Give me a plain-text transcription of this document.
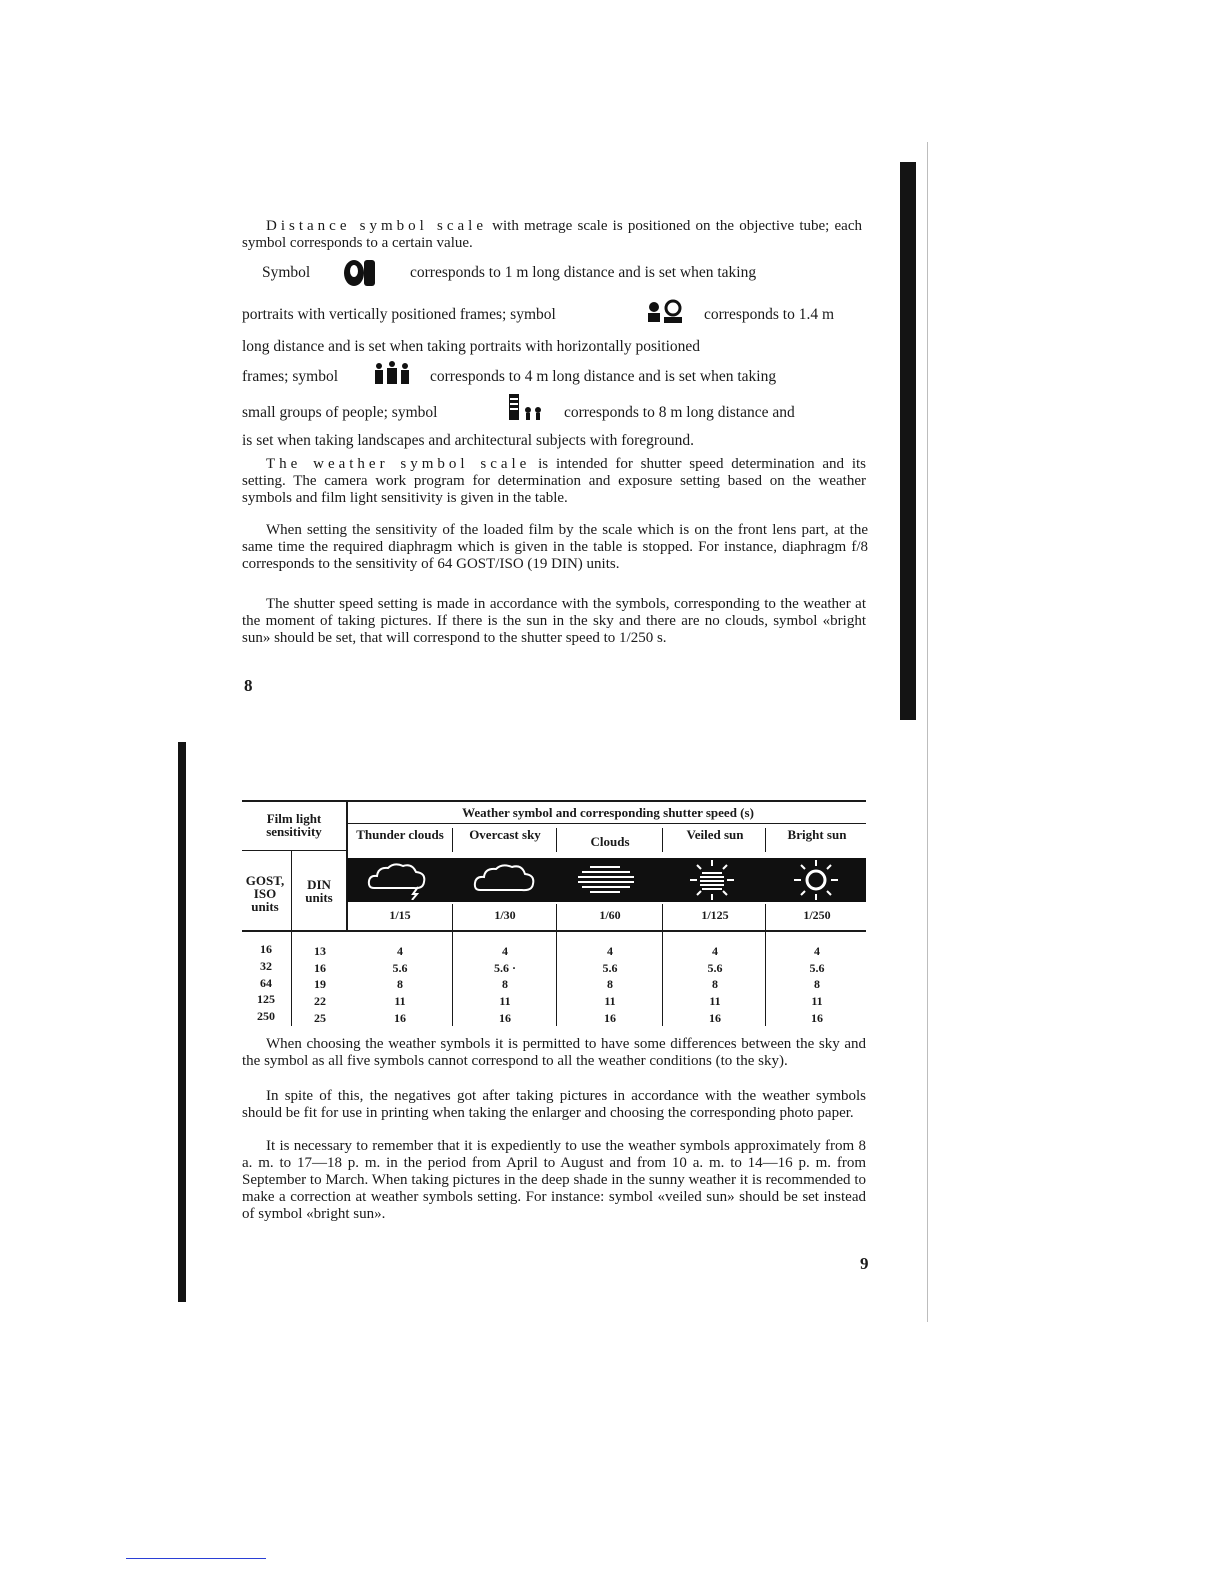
Distance symbol scale with metrage scale is positioned on the objective tube; each symbol corresponds to a certain value.

Symbol	corresponds to 1 m long distance and is set when taking
portraits with vertically positioned frames; symbol	corresponds to 1.4 m
long distance and is set when taking portraits with horizontally positioned
frames; symbol	corresponds to 4 m long distance and is set when taking
small groups of people; symbol	corresponds to 8 m long distance and
is set when taking landscapes and architectural subjects with foreground.

The weather symbol scale is intended for shutter speed determination and its setting. The camera work program for determination and exposure setting based on the weather symbols and film light sensitivity is given in the table.

When setting the sensitivity of the loaded film by the scale which is on the front lens part, at the same time the required diaphragm which is given in the table is stopped. For instance, diaphragm f/8 corresponds to the sensitivity of 64 GOST/ISO (19 DIN) units.

The shutter speed setting is made in accordance with the symbols, corresponding to the weather at the moment of taking pictures. If there is the sun in the sky and there are no clouds, symbol «bright sun» should be set, that will correspond to the shutter speed to 1/250 s.

8
Film light sensitivity
Weather symbol and corresponding shutter speed (s)
Thunder clouds	Overcast sky	Clouds	Veiled sun	Bright sun
GOST, ISO units
DIN units
1/15	1/30	1/60	1/125	1/250
16	13	4	4	4	4	4
32	16	5.6	5.6 ·	5.6	5.6	5.6
64	19	8	8	8	8	8
125	22	11	11	11	11	11
250	25	16	16	16	16	16

When choosing the weather symbols it is permitted to have some differences between the sky and the symbol as all five symbols cannot correspond to all the weather conditions (to the sky).

In spite of this, the negatives got after taking pictures in accordance with the weather symbols should be fit for use in printing when taking the enlarger and choosing the corresponding photo paper.

It is necessary to remember that it is expediently to use the weather symbols approximately from 8 a. m. to 17—18 p. m. in the period from April to August and from 10 a. m. to 14—16 p. m. from September to March. When taking pictures in the deep shade in the sunny weather it is recommended to make a correction at weather symbols setting. For instance: symbol «veiled sun» should be set instead of symbol «bright sun».

9
